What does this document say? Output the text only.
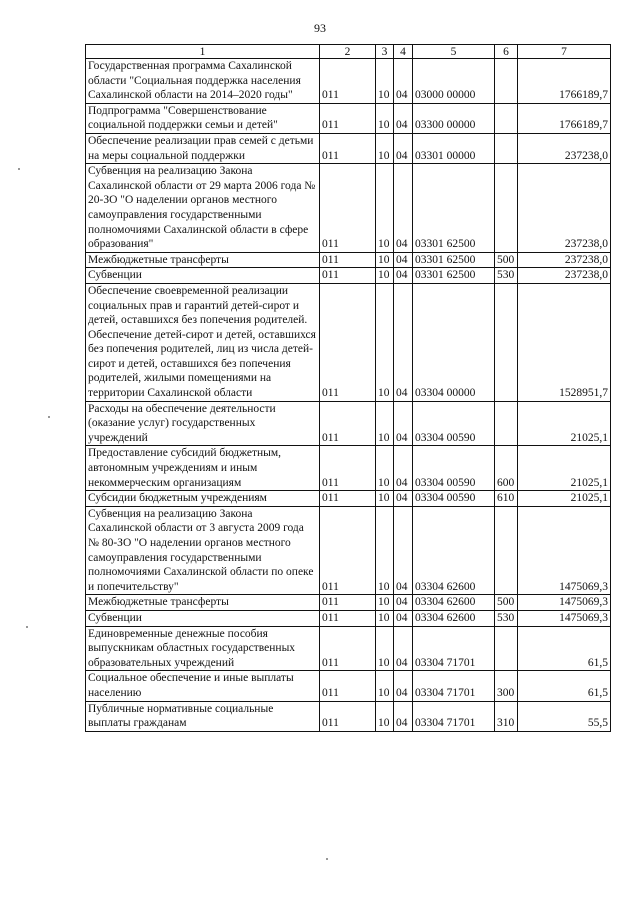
93
1	2	3	4	5	6	7
Государственная программа Сахалинской области "Социальная поддержка населения Сахалинской области на 2014–2020 годы"	011	10	04	03000 00000		1766189,7
Подпрограмма "Совершенствование социальной поддержки семьи и детей"	011	10	04	03300 00000		1766189,7
Обеспечение реализации прав семей с детьми на меры социальной поддержки	011	10	04	03301 00000		237238,0
Субвенция на реализацию Закона Сахалинской области от 29 марта 2006 года № 20-ЗО "О наделении органов местного самоуправления государственными полномочиями Сахалинской области в сфере образования"	011	10	04	03301 62500		237238,0
Межбюджетные трансферты	011	10	04	03301 62500	500	237238,0
Субвенции	011	10	04	03301 62500	530	237238,0
Обеспечение своевременной реализации социальных прав и гарантий детей-сирот и детей, оставшихся без попечения родителей. Обеспечение детей-сирот и детей, оставшихся без попечения родителей, лиц из числа детей-сирот и детей, оставшихся без попечения родителей, жилыми помещениями на территории Сахалинской области	011	10	04	03304 00000		1528951,7
Расходы на обеспечение деятельности (оказание услуг) государственных учреждений	011	10	04	03304 00590		21025,1
Предоставление субсидий бюджетным, автономным учреждениям и иным некоммерческим организациям	011	10	04	03304 00590	600	21025,1
Субсидии бюджетным учреждениям	011	10	04	03304 00590	610	21025,1
Субвенция на реализацию Закона Сахалинской области от 3 августа 2009 года № 80-ЗО "О наделении органов местного самоуправления государственными полномочиями Сахалинской области по опеке и попечительству"	011	10	04	03304 62600		1475069,3
Межбюджетные трансферты	011	10	04	03304 62600	500	1475069,3
Субвенции	011	10	04	03304 62600	530	1475069,3
Единовременные денежные пособия выпускникам областных государственных образовательных учреждений	011	10	04	03304 71701		61,5
Социальное обеспечение и иные выплаты населению	011	10	04	03304 71701	300	61,5
Публичные нормативные социальные выплаты гражданам	011	10	04	03304 71701	310	55,5
